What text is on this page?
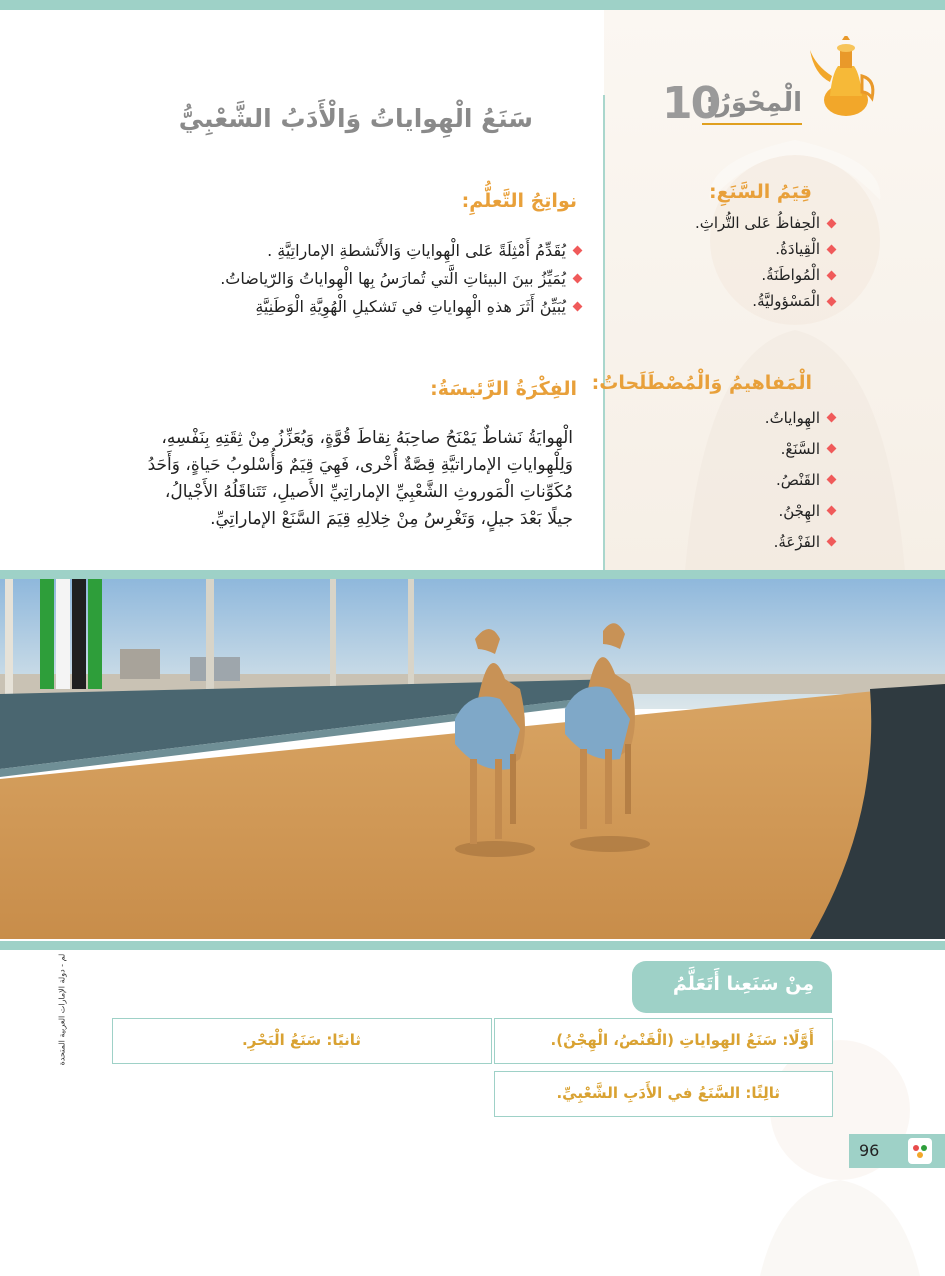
سَنَعُ الْهِواياتُ وَالْأَدَبُ الشَّعْبِيُّ
الْمِحْوَرُ:
10
نواتِجُ التَّعلُّمِ:
يُقَدِّمُ أَمْثِلَةً عَلى الْهِواياتِ وَالأَنْشطةِ الإماراتِيَّةِ .
يُمَيِّزُ بينَ البيئاتِ الَّتي تُمارَسُ بِها الْهِواياتُ وَالرّياضاتُ.
يُبَيِّنُ أَثَرَ هذهِ الْهِواياتِ في تَشكيلِ الْهُوِيَّةِ الْوَطَنِيَّةِ
الفِكْرَةُ الرَّئيسَةُ:
الْهِوايَةُ نَشاطٌ يَمْنَحُ صاحِبَهُ نِقاطَ قُوَّةٍ، وَيُعَزِّزُ مِنْ ثِقَتِهِ بِنَفْسِهِ،
وَلِلْهِواياتِ الإماراتيَّةِ قِصَّةٌ أُخْرى، فَهِيَ قِيَمٌ وَأُسْلوبُ حَياةٍ، وَأَحَدُ
مُكَوِّناتِ الْمَوروثِ الشَّعْبِيِّ الإماراتِيِّ الأَصيلِ، تَتَناقَلُهُ الأَجْيالُ،
جيلًا بَعْدَ جيلٍ، وَتَغْرِسُ مِنْ خِلالِهِ قِيَمَ السَّنَعْ الإماراتِيِّ.
قِيَمُ السَّنَعِ:
الْحِفاظُ عَلى التُّراثِ.
الْقِيادَةُ.
الْمُواطَنَةُ.
الْمَسْؤوليَّةُ.
الْمَفاهيمُ وَالْمُصْطَلَحاتُ:
الهِواياتُ.
السَّنَعْ.
القَنْصُ.
الهِجْنُ.
الفَزْعَةُ.
لم - دولة الإمارات العربية المتحدة	مِنْ سَنَعِنا أَتَعَلَّمُ
أَوَّلًا: سَنَعُ الهِواياتِ (الْقَنْصُ، الْهِجْنُ).
ثانيًا: سَنَعُ الْبَحْرِ.
ثالِثًا: السَّنَعُ في الأَدَبِ الشَّعْبِيِّ.
96
